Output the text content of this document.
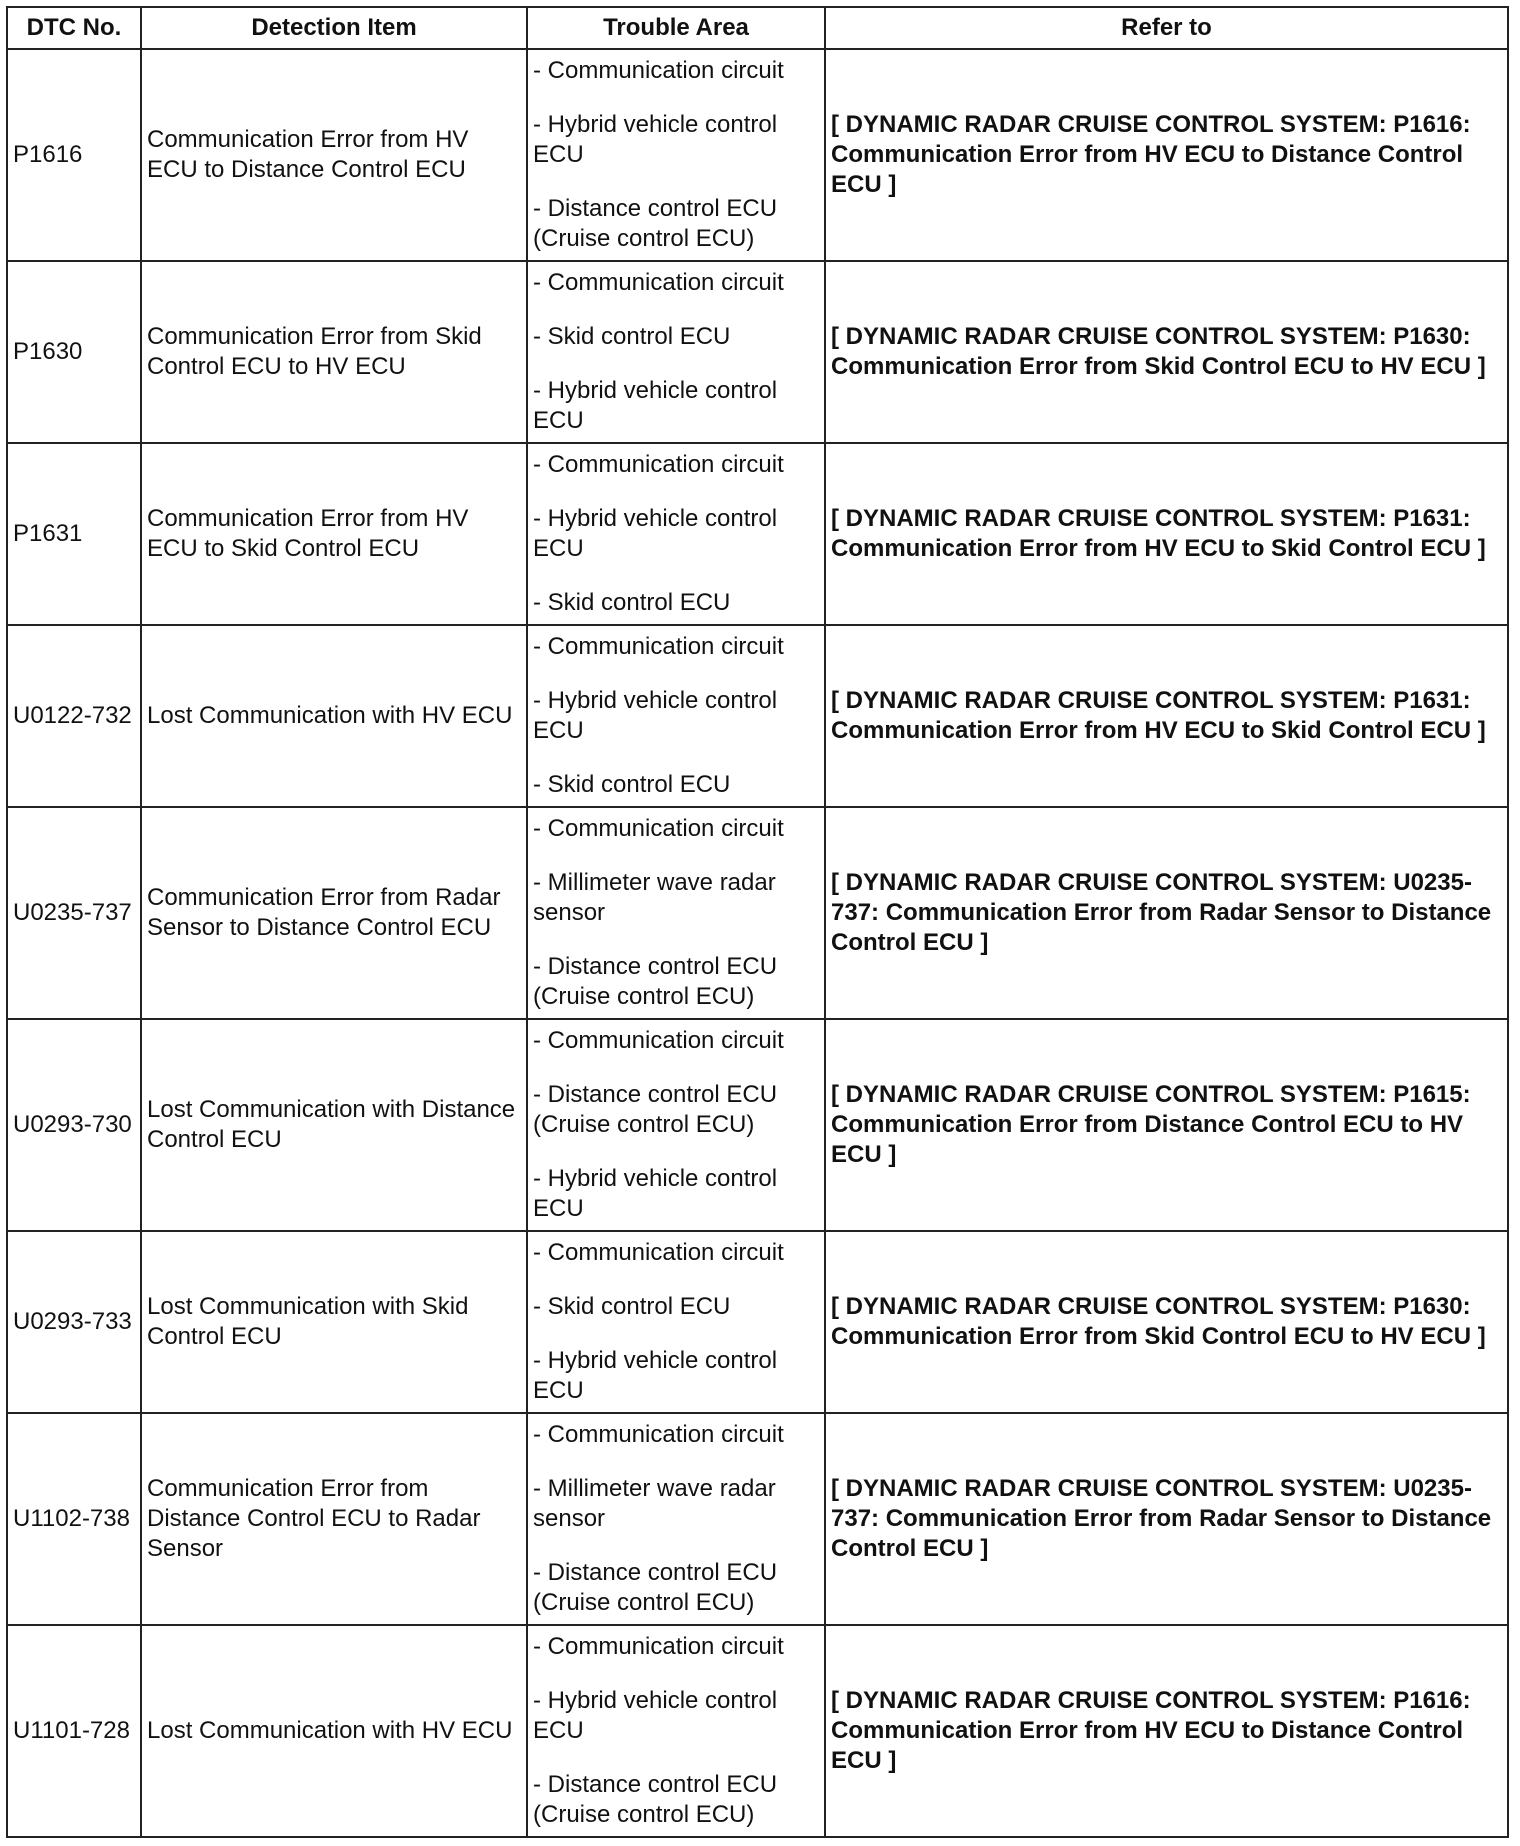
DTC No.	Detection Item	Trouble Area	Refer to
P1616	Communication Error from HV ECU to Distance Control ECU	- Communication circuit
- Hybrid vehicle control ECU
- Distance control ECU (Cruise control ECU)	[ DYNAMIC RADAR CRUISE CONTROL SYSTEM: P1616: Communication Error from HV ECU to Distance Control ECU ]
P1630	Communication Error from Skid Control ECU to HV ECU	- Communication circuit
- Skid control ECU
- Hybrid vehicle control ECU	[ DYNAMIC RADAR CRUISE CONTROL SYSTEM: P1630: Communication Error from Skid Control ECU to HV ECU ]
P1631	Communication Error from HV ECU to Skid Control ECU	- Communication circuit
- Hybrid vehicle control ECU
- Skid control ECU	[ DYNAMIC RADAR CRUISE CONTROL SYSTEM: P1631: Communication Error from HV ECU to Skid Control ECU ]
U0122-732	Lost Communication with HV ECU	- Communication circuit
- Hybrid vehicle control ECU
- Skid control ECU	[ DYNAMIC RADAR CRUISE CONTROL SYSTEM: P1631: Communication Error from HV ECU to Skid Control ECU ]
U0235-737	Communication Error from Radar Sensor to Distance Control ECU	- Communication circuit
- Millimeter wave radar sensor
- Distance control ECU (Cruise control ECU)	[ DYNAMIC RADAR CRUISE CONTROL SYSTEM: U0235-737: Communication Error from Radar Sensor to Distance Control ECU ]
U0293-730	Lost Communication with Distance Control ECU	- Communication circuit
- Distance control ECU (Cruise control ECU)
- Hybrid vehicle control ECU	[ DYNAMIC RADAR CRUISE CONTROL SYSTEM: P1615: Communication Error from Distance Control ECU to HV ECU ]
U0293-733	Lost Communication with Skid Control ECU	- Communication circuit
- Skid control ECU
- Hybrid vehicle control ECU	[ DYNAMIC RADAR CRUISE CONTROL SYSTEM: P1630: Communication Error from Skid Control ECU to HV ECU ]
U1102-738	Communication Error from Distance Control ECU to Radar Sensor	- Communication circuit
- Millimeter wave radar sensor
- Distance control ECU (Cruise control ECU)	[ DYNAMIC RADAR CRUISE CONTROL SYSTEM: U0235-737: Communication Error from Radar Sensor to Distance Control ECU ]
U1101-728	Lost Communication with HV ECU	- Communication circuit
- Hybrid vehicle control ECU
- Distance control ECU (Cruise control ECU)	[ DYNAMIC RADAR CRUISE CONTROL SYSTEM: P1616: Communication Error from HV ECU to Distance Control ECU ]
